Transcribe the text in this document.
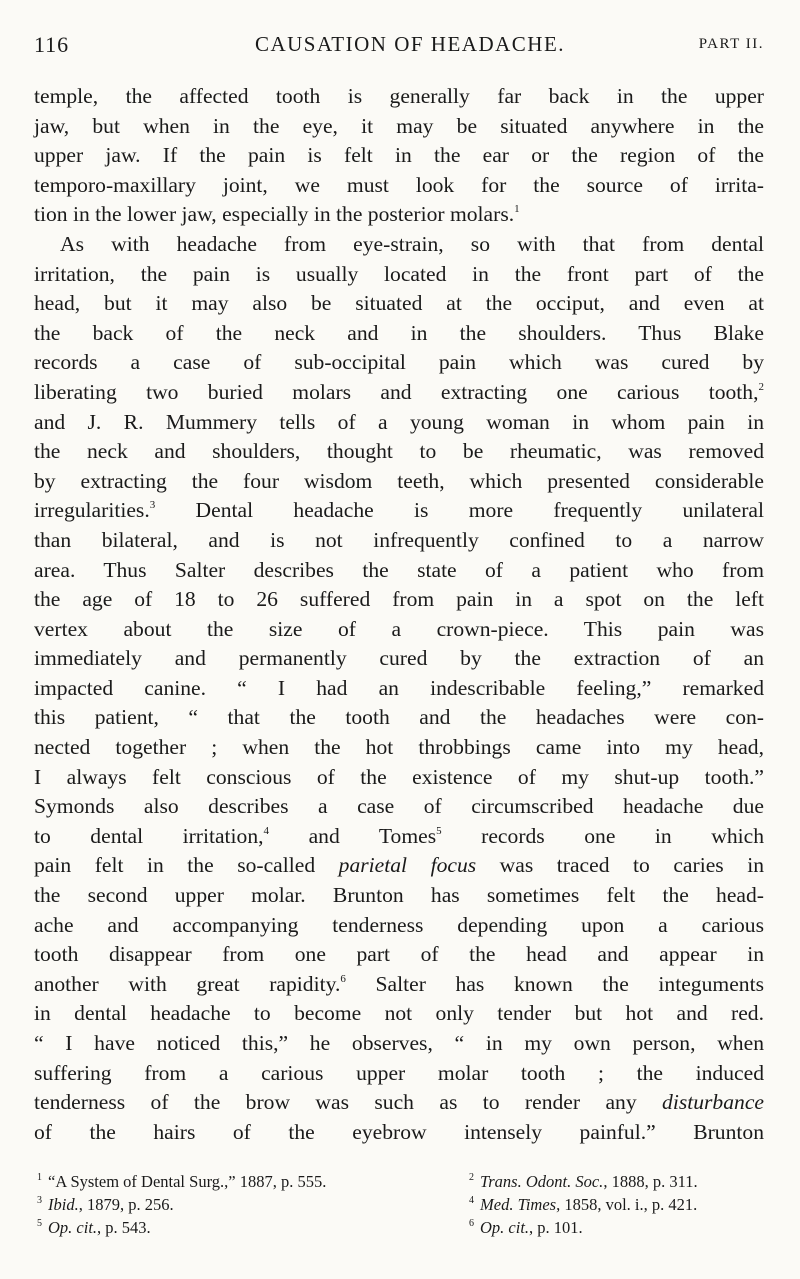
116	CAUSATION OF HEADACHE.	PART II.
temple, the affected tooth is generally far back in the upper
jaw, but when in the eye, it may be situated anywhere in the
upper jaw. If the pain is felt in the ear or the region of the
temporo-maxillary joint, we must look for the source of irrita-
tion in the lower jaw, especially in the posterior molars.$^1$
As with headache from eye-strain, so with that from dental
irritation, the pain is usually located in the front part of the
head, but it may also be situated at the occiput, and even at
the back of the neck and in the shoulders. Thus Blake
records a case of sub-occipital pain which was cured by
liberating two buried molars and extracting one carious tooth,$^2$
and J. R. Mummery tells of a young woman in whom pain in
the neck and shoulders, thought to be rheumatic, was removed
by extracting the four wisdom teeth, which presented considerable
irregularities.$^3$ Dental headache is more frequently unilateral
than bilateral, and is not infrequently confined to a narrow
area. Thus Salter describes the state of a patient who from
the age of 18 to 26 suffered from pain in a spot on the left
vertex about the size of a crown-piece. This pain was
immediately and permanently cured by the extraction of an
impacted canine. “ I had an indescribable feeling,” remarked
this patient, “ that the tooth and the headaches were con-
nected together ; when the hot throbbings came into my head,
I always felt conscious of the existence of my shut-up tooth.”
Symonds also describes a case of circumscribed headache due
to dental irritation,$^4$ and Tomes$^5$ records one in which
pain felt in the so-called parietal focus was traced to caries in
the second upper molar. Brunton has sometimes felt the head-
ache and accompanying tenderness depending upon a carious
tooth disappear from one part of the head and appear in
another with great rapidity.$^6$ Salter has known the integuments
in dental headache to become not only tender but hot and red.
“ I have noticed this,” he observes, “ in my own person, when
suffering from a carious upper molar tooth ; the induced
tenderness of the brow was such as to render any disturbance
of the hairs of the eyebrow intensely painful.” Brunton
1 “A System of Dental Surg.,” 1887, p. 555.	2 Trans. Odont. Soc., 1888, p. 311.
3 Ibid., 1879, p. 256.	4 Med. Times, 1858, vol. i., p. 421.
5 Op. cit., p. 543.	6 Op. cit., p. 101.
